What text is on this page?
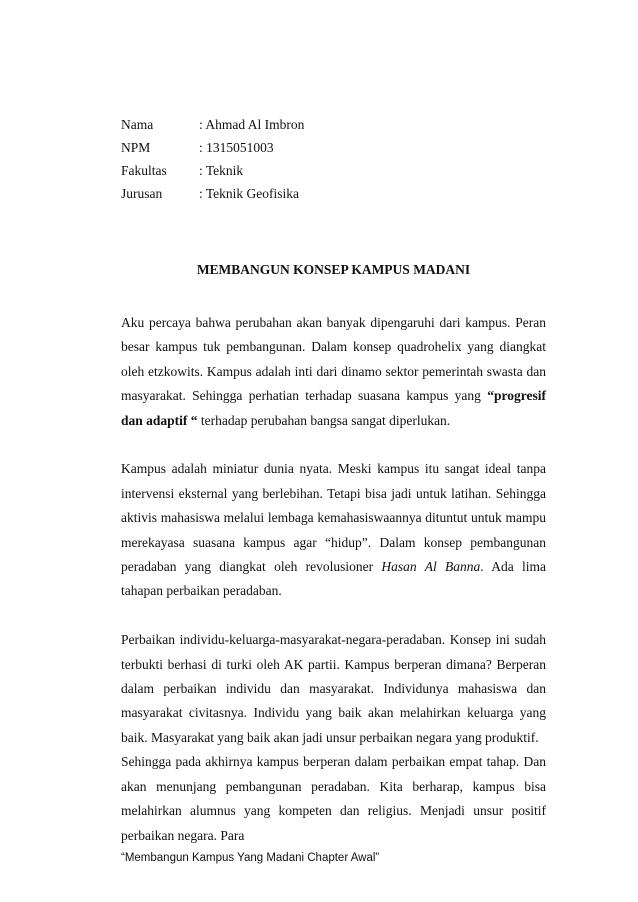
Nama	: Ahmad Al Imbron
NPM	: 1315051003
Fakultas	: Teknik
Jurusan	: Teknik Geofisika
MEMBANGUN KONSEP KAMPUS MADANI

Aku percaya bahwa perubahan akan banyak dipengaruhi dari kampus. Peran besar kampus tuk pembangunan. Dalam konsep quadrohelix yang diangkat oleh etzkowits. Kampus adalah inti dari dinamo sektor pemerintah swasta dan masyarakat. Sehingga perhatian terhadap suasana kampus yang “progresif dan adaptif “ terhadap perubahan bangsa sangat diperlukan.

Kampus adalah miniatur dunia nyata. Meski kampus itu sangat ideal tanpa intervensi eksternal yang berlebihan. Tetapi bisa jadi untuk latihan. Sehingga aktivis mahasiswa melalui lembaga kemahasiswaannya dituntut untuk mampu merekayasa suasana kampus agar “hidup”. Dalam konsep pembangunan peradaban yang diangkat oleh revolusioner Hasan Al Banna. Ada lima tahapan perbaikan peradaban.

Perbaikan individu-keluarga-masyarakat-negara-peradaban. Konsep ini sudah terbukti berhasi di turki oleh AK partii. Kampus berperan dimana? Berperan dalam perbaikan individu dan masyarakat. Individunya mahasiswa dan masyarakat civitasnya. Individu yang baik akan melahirkan keluarga yang baik. Masyarakat yang baik akan jadi unsur perbaikan negara yang produktif.

Sehingga pada akhirnya kampus berperan dalam perbaikan empat tahap. Dan akan menunjang pembangunan peradaban. Kita berharap, kampus bisa melahirkan alumnus yang kompeten dan religius. Menjadi unsur positif perbaikan negara. Para

“Membangun Kampus Yang Madani Chapter Awal”
